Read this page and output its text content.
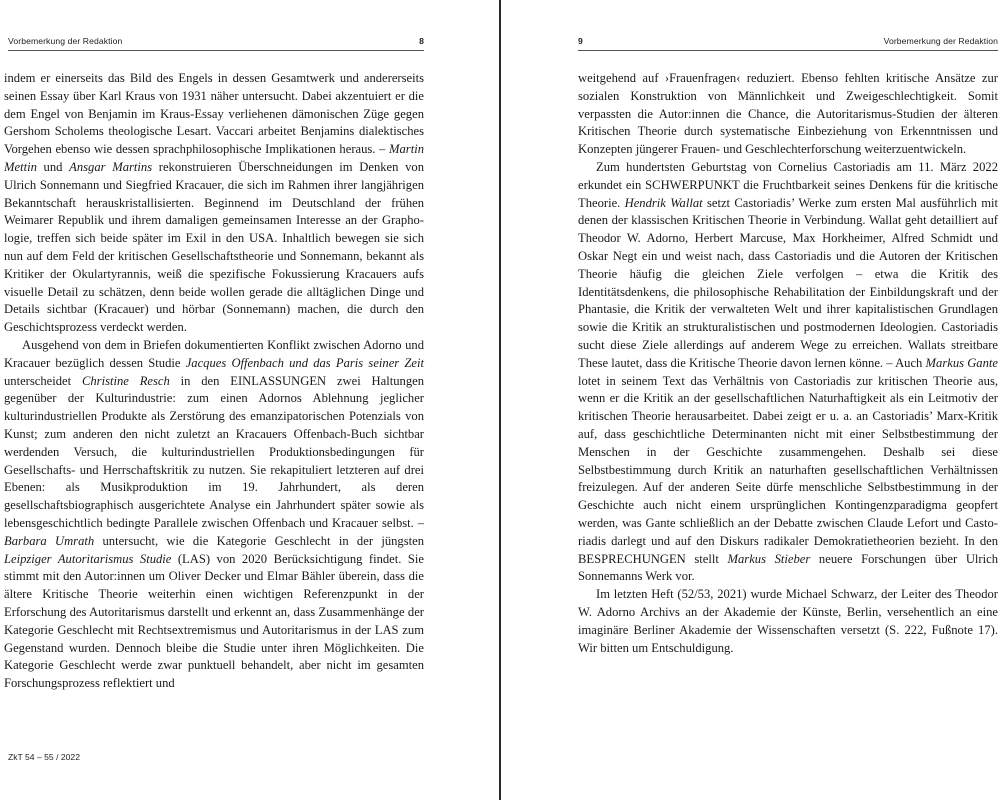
Vorbemerkung der Redaktion	8

indem er einerseits das Bild des Engels in dessen Gesamtwerk und andererseits seinen Essay über Karl Kraus von 1931 näher untersucht. Dabei akzentuiert er die dem Engel von Benjamin im Kraus-Essay verliehenen dämonischen Züge gegen Gershom Scholems theologische Lesart. Vaccari arbeitet Benjamins dialektisches Vorgehen ebenso wie dessen sprachphilosophische Implikationen heraus. – Martin Mettin und Ansgar Martins rekonstruieren Überschneidungen im Denken von Ulrich Sonnemann und Siegfried Kracauer, die sich im Rahmen ihrer langjährigen Bekanntschaft herauskristallisierten. Beginnend im Deutschland der frühen Weimarer Republik und ihrem damaligen gemeinsamen Interesse an der Graphologie, treffen sich beide später im Exil in den USA. Inhaltlich bewegen sie sich nun auf dem Feld der kritischen Gesellschaftstheorie und Sonnemann, bekannt als Kritiker der Okulartyrannis, weiß die spezifische Fokussierung Kracauers aufs visuelle Detail zu schätzen, denn beide wollen gerade die alltäglichen Dinge und Details sichtbar (Kracauer) und hörbar (Sonnemann) machen, die durch den Geschichtsprozess verdeckt werden.

Ausgehend von dem in Briefen dokumentierten Konflikt zwischen Adorno und Kracauer bezüglich dessen Studie Jacques Offenbach und das Paris seiner Zeit unterscheidet Christine Resch in den EINLASSUNGEN zwei Haltungen gegenüber der Kulturindustrie: zum einen Adornos Ablehnung jeglicher kulturindustriellen Produkte als Zerstörung des emanzipatorischen Potenzials von Kunst; zum anderen den nicht zuletzt an Kracauers Offenbach-Buch sichtbar werdenden Versuch, die kulturindustriellen Produktionsbedingungen für Gesellschafts- und Herrschaftskritik zu nutzen. Sie rekapituliert letzteren auf drei Ebenen: als Musikproduktion im 19. Jahrhundert, als deren gesellschaftsbiographisch ausgerichtete Analyse ein Jahrhundert später sowie als lebensgeschichtlich bedingte Parallele zwischen Offenbach und Kracauer selbst. – Barbara Umrath untersucht, wie die Kategorie Geschlecht in der jüngsten Leipziger Autoritarismus Studie (LAS) von 2020 Berücksichtigung findet. Sie stimmt mit den Autor:innen um Oliver Decker und Elmar Bähler überein, dass die ältere Kritische Theorie weiterhin einen wichtigen Referenzpunkt in der Erforschung des Autoritarismus darstellt und erkennt an, dass Zusammenhänge der Kategorie Geschlecht mit Rechtsextremismus und Autoritarismus in der LAS zum Gegenstand wurden. Dennoch bleibe die Studie unter ihren Möglichkeiten. Die Kategorie Geschlecht werde zwar punktuell behandelt, aber nicht im gesamten Forschungsprozess reflektiert und

ZkT 54 – 55 / 2022
9	Vorbemerkung der Redaktion

weitgehend auf ›Frauenfragen‹ reduziert. Ebenso fehlten kritische Ansätze zur sozialen Konstruktion von Männlichkeit und Zweigeschlechtigkeit. Somit verpassten die Autor:innen die Chance, die Autoritarismus-Studien der älteren Kritischen Theorie durch systematische Einbeziehung von Erkenntnissen und Konzepten jüngerer Frauen- und Geschlechterforschung weiterzuentwickeln.

Zum hundertsten Geburtstag von Cornelius Castoriadis am 11. März 2022 erkundet ein SCHWERPUNKT die Fruchtbarkeit seines Denkens für die kritische Theorie. Hendrik Wallat setzt Castoriadis’ Werke zum ersten Mal ausführlich mit denen der klassischen Kritischen Theorie in Verbindung. Wallat geht detailliert auf Theodor W. Adorno, Herbert Marcuse, Max Horkheimer, Alfred Schmidt und Oskar Negt ein und weist nach, dass Castoriadis und die Autoren der Kritischen Theorie häufig die gleichen Ziele verfolgen – etwa die Kritik des Identitätsdenkens, die philosophische Rehabilitation der Einbildungskraft und der Phantasie, die Kritik der verwalteten Welt und ihrer kapitalistischen Grundlagen sowie die Kritik an strukturalistischen und postmodernen Ideologien. Castoriadis sucht diese Ziele allerdings auf anderem Wege zu erreichen. Wallats streitbare These lautet, dass die Kritische Theorie davon lernen könne. – Auch Markus Gante lotet in seinem Text das Verhältnis von Castoriadis zur kritischen Theorie aus, wenn er die Kritik an der gesellschaftlichen Naturhaftigkeit als ein Leitmotiv der kritischen Theorie herausarbeitet. Dabei zeigt er u. a. an Castoriadis’ Marx-Kritik auf, dass geschichtliche Determinanten nicht mit einer Selbstbestimmung der Menschen in der Geschichte zusammengehen. Deshalb sei diese Selbstbestimmung durch Kritik an naturhaften gesellschaftlichen Verhältnissen freizulegen. Auf der anderen Seite dürfe menschliche Selbstbestimmung in der Geschichte auch nicht einem ursprünglichen Kontingenzparadigma geopfert werden, was Gante schließlich an der Debatte zwischen Claude Lefort und Castoriadis darlegt und auf den Diskurs radikaler Demokratietheorien bezieht. In den BESPRECHUNGEN stellt Markus Stieber neuere Forschungen über Ulrich Sonnemanns Werk vor.

Im letzten Heft (52/53, 2021) wurde Michael Schwarz, der Leiter des Theodor W. Adorno Archivs an der Akademie der Künste, Berlin, versehentlich an eine imaginäre Berliner Akademie der Wissenschaften versetzt (S. 222, Fußnote 17). Wir bitten um Entschuldigung.
